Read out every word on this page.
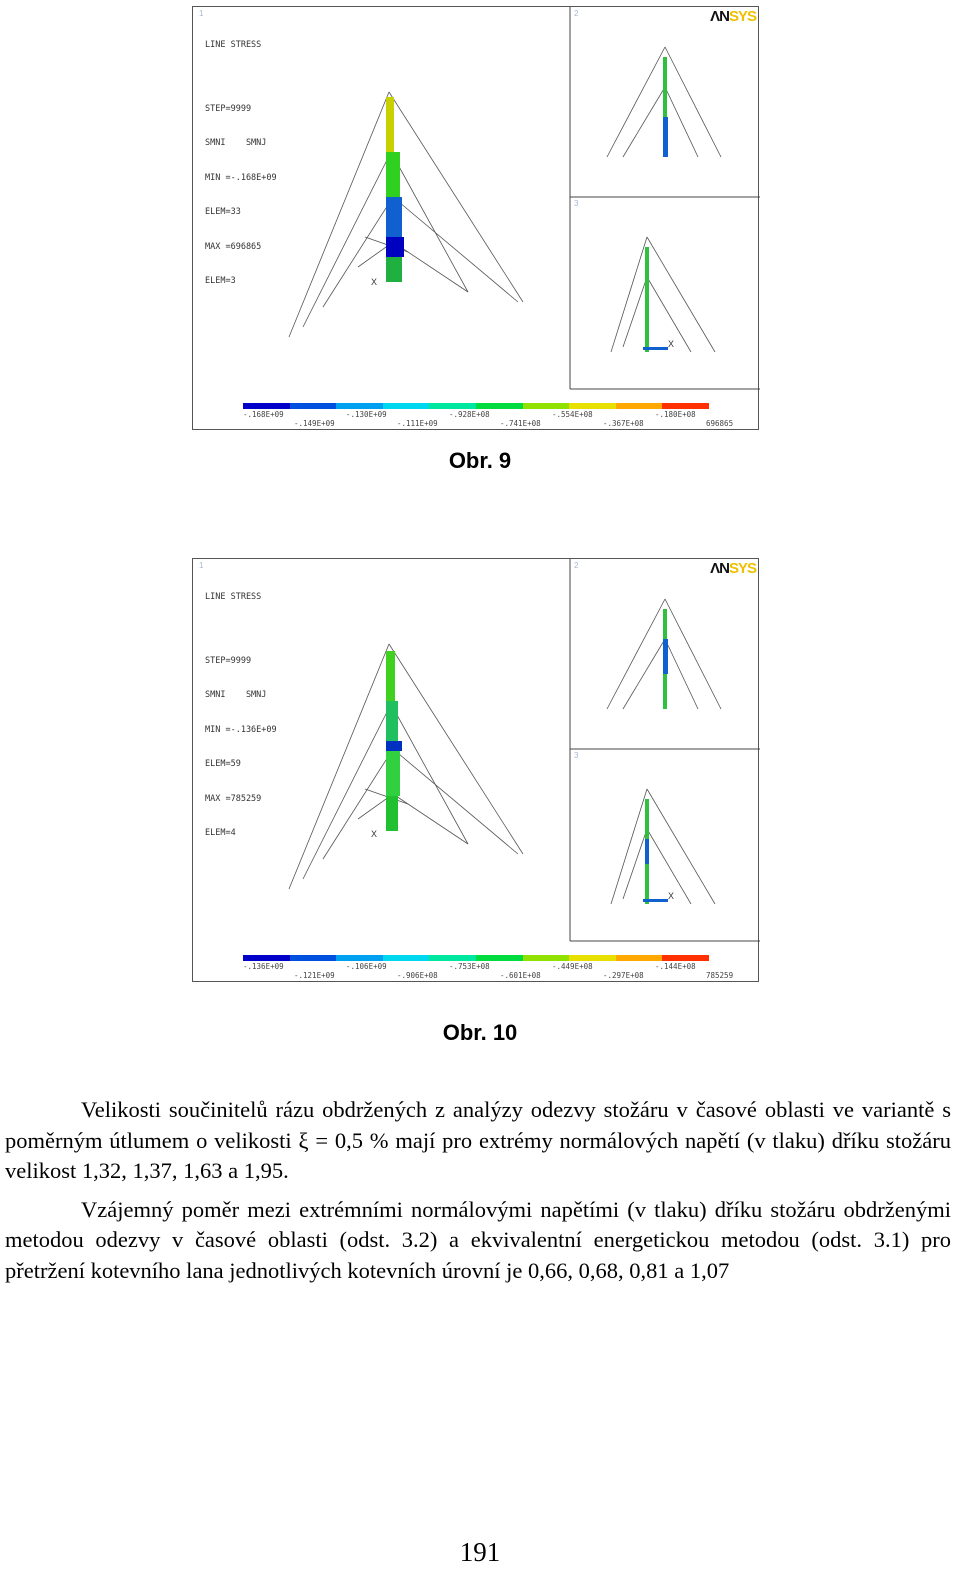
X
X
1	2
3
ΛNSYS

LINE STRESS

STEP=9999

SMNI    SMNJ

MIN =-.168E+09

ELEM=33

MAX =696865

ELEM=3

-.168E+09	-.130E+09	-.928E+08	-.554E+08	-.180E+08
-.149E+09	-.111E+09	-.741E+08	-.367E+08	696865
Obr. 9
X
X
1	2
3
ΛNSYS

LINE STRESS

STEP=9999

SMNI    SMNJ

MIN =-.136E+09

ELEM=59

MAX =785259

ELEM=4

-.136E+09	-.106E+09	-.753E+08	-.449E+08	-.144E+08
-.121E+09	-.906E+08	-.601E+08	-.297E+08	785259
Obr. 10

Velikosti součinitelů rázu obdržených z analýzy odezvy stožáru v časové oblasti ve variantě s poměrným útlumem o velikosti ξ = 0,5 % mají pro extrémy normálových napětí (v tlaku) dříku stožáru velikost 1,32, 1,37, 1,63 a 1,95.

Vzájemný poměr mezi extrémními normálovými napětími (v tlaku) dříku stožáru obdrženými metodou odezvy v časové oblasti (odst. 3.2) a ekvivalentní energetickou metodou (odst. 3.1) pro přetržení kotevního lana jednotlivých kotevních úrovní je 0,66, 0,68, 0,81 a 1,07

191
